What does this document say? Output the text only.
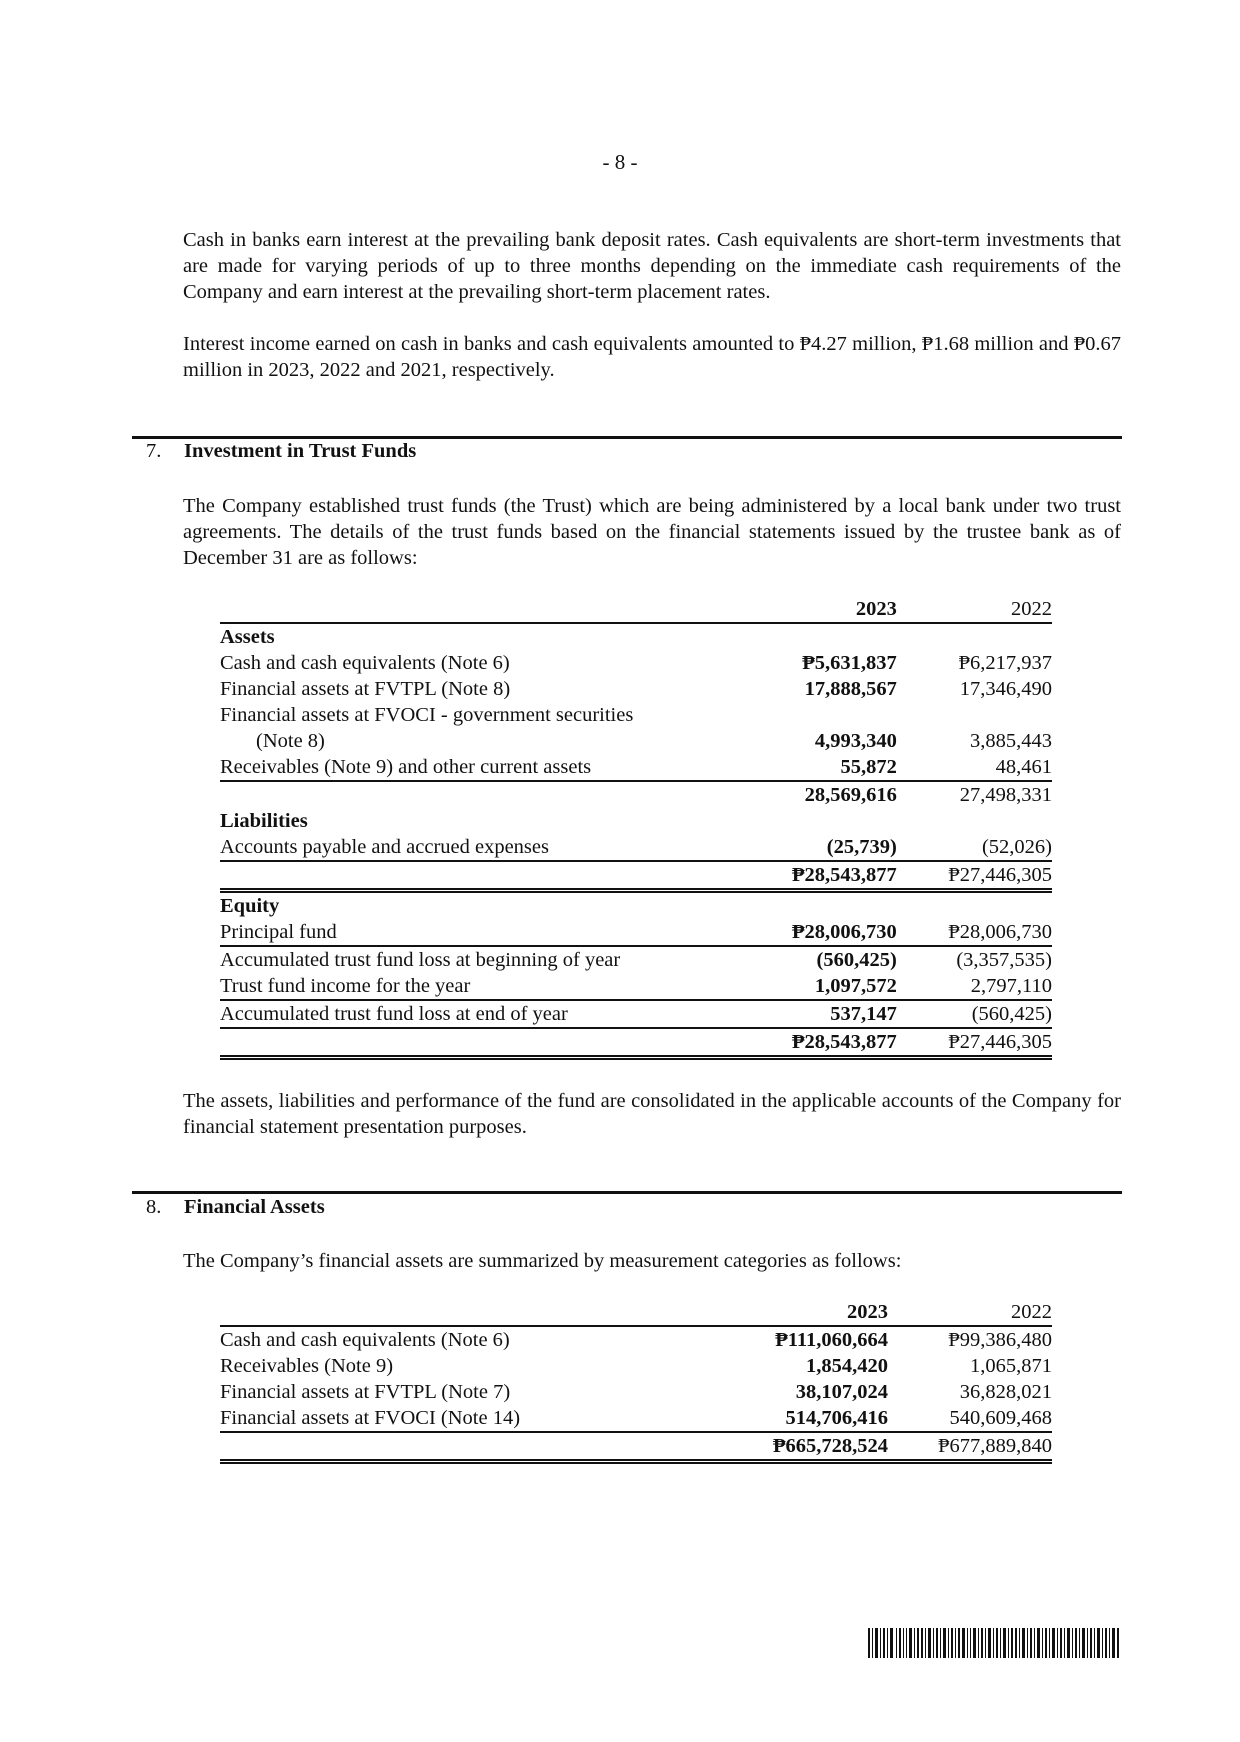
- 8 -

Cash in banks earn interest at the prevailing bank deposit rates. Cash equivalents are short-term investments that are made for varying periods of up to three months depending on the immediate cash requirements of the Company and earn interest at the prevailing short-term placement rates.

Interest income earned on cash in banks and cash equivalents amounted to ₱4.27 million, ₱1.68 million and ₱0.67 million in 2023, 2022 and 2021, respectively.

7. Investment in Trust Funds

The Company established trust funds (the Trust) which are being administered by a local bank under two trust agreements. The details of the trust funds based on the financial statements issued by the trustee bank as of December 31 are as follows:

	2023	2022
Assets		
Cash and cash equivalents (Note 6)	₱5,631,837	₱6,217,937
Financial assets at FVTPL (Note 8)	17,888,567	17,346,490
Financial assets at FVOCI - government securities		
(Note 8)	4,993,340	3,885,443
Receivables (Note 9) and other current assets	55,872	48,461
	28,569,616	27,498,331
Liabilities		
Accounts payable and accrued expenses	(25,739)	(52,026)
	₱28,543,877	₱27,446,305
Equity		
Principal fund	₱28,006,730	₱28,006,730
Accumulated trust fund loss at beginning of year	(560,425)	(3,357,535)
Trust fund income for the year	1,097,572	2,797,110
Accumulated trust fund loss at end of year	537,147	(560,425)
	₱28,543,877	₱27,446,305

The assets, liabilities and performance of the fund are consolidated in the applicable accounts of the Company for financial statement presentation purposes.

8. Financial Assets

The Company’s financial assets are summarized by measurement categories as follows:

	2023	2022
Cash and cash equivalents (Note 6)	₱111,060,664	₱99,386,480
Receivables (Note 9)	1,854,420	1,065,871
Financial assets at FVTPL (Note 7)	38,107,024	36,828,021
Financial assets at FVOCI (Note 14)	514,706,416	540,609,468
	₱665,728,524	₱677,889,840
